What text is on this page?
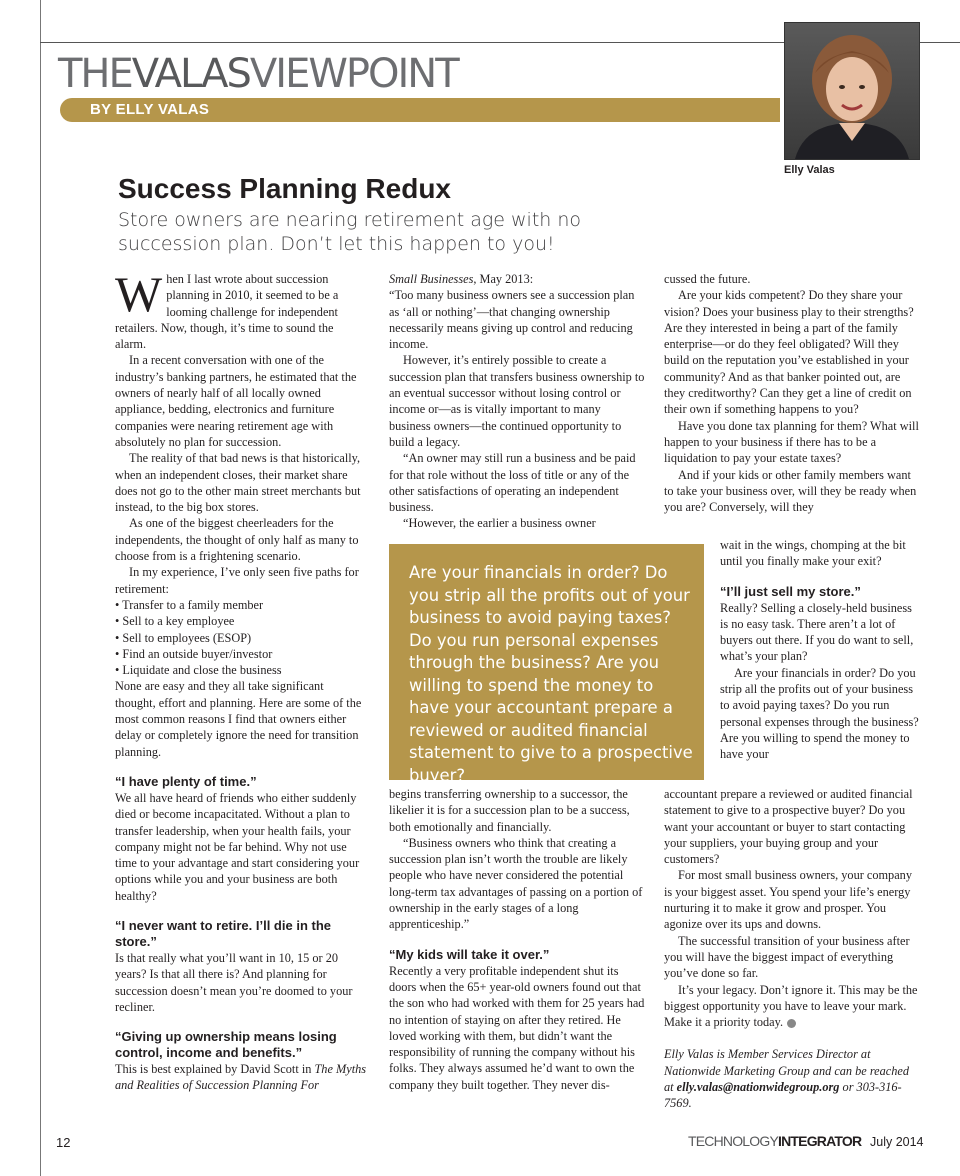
THEVALASVIEWPOINT
BY ELLY VALAS
Elly Valas
Success Planning Redux
Store owners are nearing retirement age with no succession plan. Don’t let this happen to you!

When I last wrote about succession planning in 2010, it seemed to be a looming challenge for independent retailers. Now, though, it’s time to sound the alarm.

In a recent conversation with one of the industry’s banking partners, he estimated that the owners of nearly half of all locally owned appliance, bedding, electronics and furniture companies were nearing retirement age with absolutely no plan for succession.

The reality of that bad news is that historically, when an independent closes, their market share does not go to the other main street merchants but instead, to the big box stores.

As one of the biggest cheerleaders for the independents, the thought of only half as many to choose from is a frightening scenario.

In my experience, I’ve only seen five paths for retirement:

• Transfer to a family member

• Sell to a key employee

• Sell to employees (ESOP)

• Find an outside buyer/investor

• Liquidate and close the business

None are easy and they all take significant thought, effort and planning. Here are some of the most common reasons I find that owners either delay or completely ignore the need for transition planning.

“I have plenty of time.”

We all have heard of friends who either suddenly died or become incapacitated. Without a plan to transfer leadership, when your health fails, your company might not be far behind. Why not use time to your advantage and start considering your options while you and your business are both healthy?

“I never want to retire. I’ll die in the store.”

Is that really what you’ll want in 10, 15 or 20 years? Is that all there is? And planning for succession doesn’t mean you’re doomed to your recliner.

“Giving up ownership means losing control, income and benefits.”

This is best explained by David Scott in The Myths and Realities of Succession Planning For

Small Businesses, May 2013:

“Too many business owners see a succession plan as ‘all or nothing’—that changing ownership necessarily means giving up control and reducing income.

However, it’s entirely possible to create a succession plan that transfers business ownership to an eventual successor without losing control or income or—as is vitally important to many business owners—the continued opportunity to build a legacy.

“An owner may still run a business and be paid for that role without the loss of title or any of the other satisfactions of operating an independent business.

“However, the earlier a business owner

Are your financials in order? Do you strip all the profits out of your business to avoid paying taxes? Do you run personal expenses through the business? Are you willing to spend the money to have your accountant prepare a reviewed or audited financial statement to give to a prospective buyer?

begins transferring ownership to a successor, the likelier it is for a succession plan to be a success, both emotionally and financially.

“Business owners who think that creating a succession plan isn’t worth the trouble are likely people who have never considered the potential long-term tax advantages of passing on a portion of ownership in the early stages of a long apprenticeship.”

“My kids will take it over.”

Recently a very profitable independent shut its doors when the 65+ year-old owners found out that the son who had worked with them for 25 years had no intention of staying on after they retired. He loved working with them, but didn’t want the responsibility of running the company without his folks. They always assumed he’d want to own the company they built together. They never dis-

cussed the future.

Are your kids competent? Do they share your vision? Does your business play to their strengths? Are they interested in being a part of the family enterprise—or do they feel obligated? Will they build on the reputation you’ve established in your community? And as that banker pointed out, are they creditworthy? Can they get a line of credit on their own if something happens to you?

Have you done tax planning for them? What will happen to your business if there has to be a liquidation to pay your estate taxes?

And if your kids or other family members want to take your business over, will they be ready when you are? Conversely, will they

wait in the wings, chomping at the bit until you finally make your exit?

“I’ll just sell my store.”

Really? Selling a closely-held business is no easy task. There aren’t a lot of buyers out there. If you do want to sell, what’s your plan?

Are your financials in order? Do you strip all the profits out of your business to avoid paying taxes? Do you run personal expenses through the business? Are you willing to spend the money to have your

accountant prepare a reviewed or audited financial statement to give to a prospective buyer? Do you want your accountant or buyer to start contacting your suppliers, your buying group and your customers?

For most small business owners, your company is your biggest asset. You spend your life’s energy nurturing it to make it grow and prosper. You agonize over its ups and downs.

The successful transition of your business after you will have the biggest impact of everything you’ve done so far.

It’s your legacy. Don’t ignore it. This may be the biggest opportunity you have to leave your mark. Make it a priority today.

Elly Valas is Member Services Director at Nationwide Marketing Group and can be reached at elly.valas@nationwidegroup.org or 303-316-7569.

12	TECHNOLOGYINTEGRATOR July 2014
